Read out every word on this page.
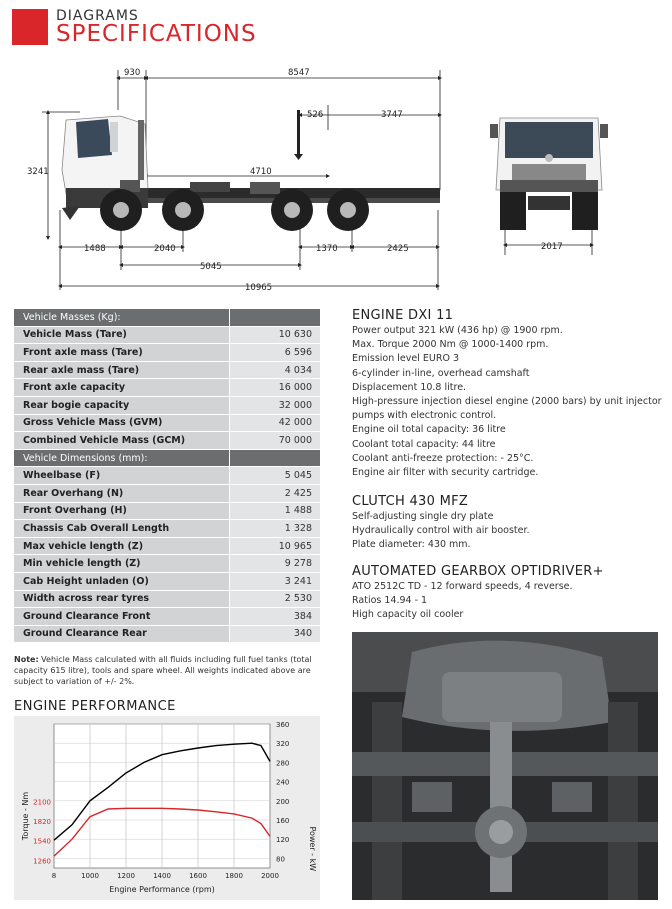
DIAGRAMS
SPECIFICATIONS
930	8547
526	3747
4710
3241
1488	2040	1370	2425
5045
10965
2017
Vehicle Masses (Kg):	
Vehicle Mass (Tare)	10 630
Front axle mass (Tare)	6 596
Rear axle mass (Tare)	4 034
Front axle capacity	16 000
Rear bogie capacity	32 000
Gross Vehicle Mass (GVM)	42 000
Combined Vehicle Mass (GCM)	70 000
Vehicle Dimensions (mm):	
Wheelbase (F)	5 045
Rear Overhang (N)	2 425
Front Overhang (H)	1 488
Chassis Cab Overall Length	1 328
Max vehicle length (Z)	10 965
Min vehicle length (Z)	9 278
Cab Height unladen (O)	3 241
Width across rear tyres	2 530
Ground Clearance Front	384
Ground Clearance Rear	340
Note: Vehicle Mass calculated with all fluids including full fuel tanks (total capacity 615 litre), tools and spare wheel. All weights indicated above are subject to variation of +/- 2%.
ENGINE PERFORMANCE
80
120
160
200
240
280
320
360
1260
1540
1820
2100
8	1000	1200	1400	1600	1800	2000
Engine Performance (rpm)
Torque - Nm
Power - kW
ENGINE DXI 11
Power output 321 kW (436 hp) @ 1900 rpm.
Max. Torque 2000 Nm @ 1000-1400 rpm.
Emission level EURO 3
6-cylinder in-line, overhead camshaft
Displacement 10.8 litre.
High-pressure injection diesel engine (2000 bars) by unit injector pumps with electronic control.
Engine oil total capacity: 36 litre
Coolant total capacity: 44 litre
Coolant anti-freeze protection: - 25°C.
Engine air filter with security cartridge.
CLUTCH 430 MFZ
Self-adjusting single dry plate
Hydraulically control with air booster.
Plate diameter: 430 mm.
AUTOMATED GEARBOX OPTIDRIVER+
ATO 2512C TD - 12 forward speeds, 4 reverse.
Ratios 14.94 - 1
High capacity oil cooler
